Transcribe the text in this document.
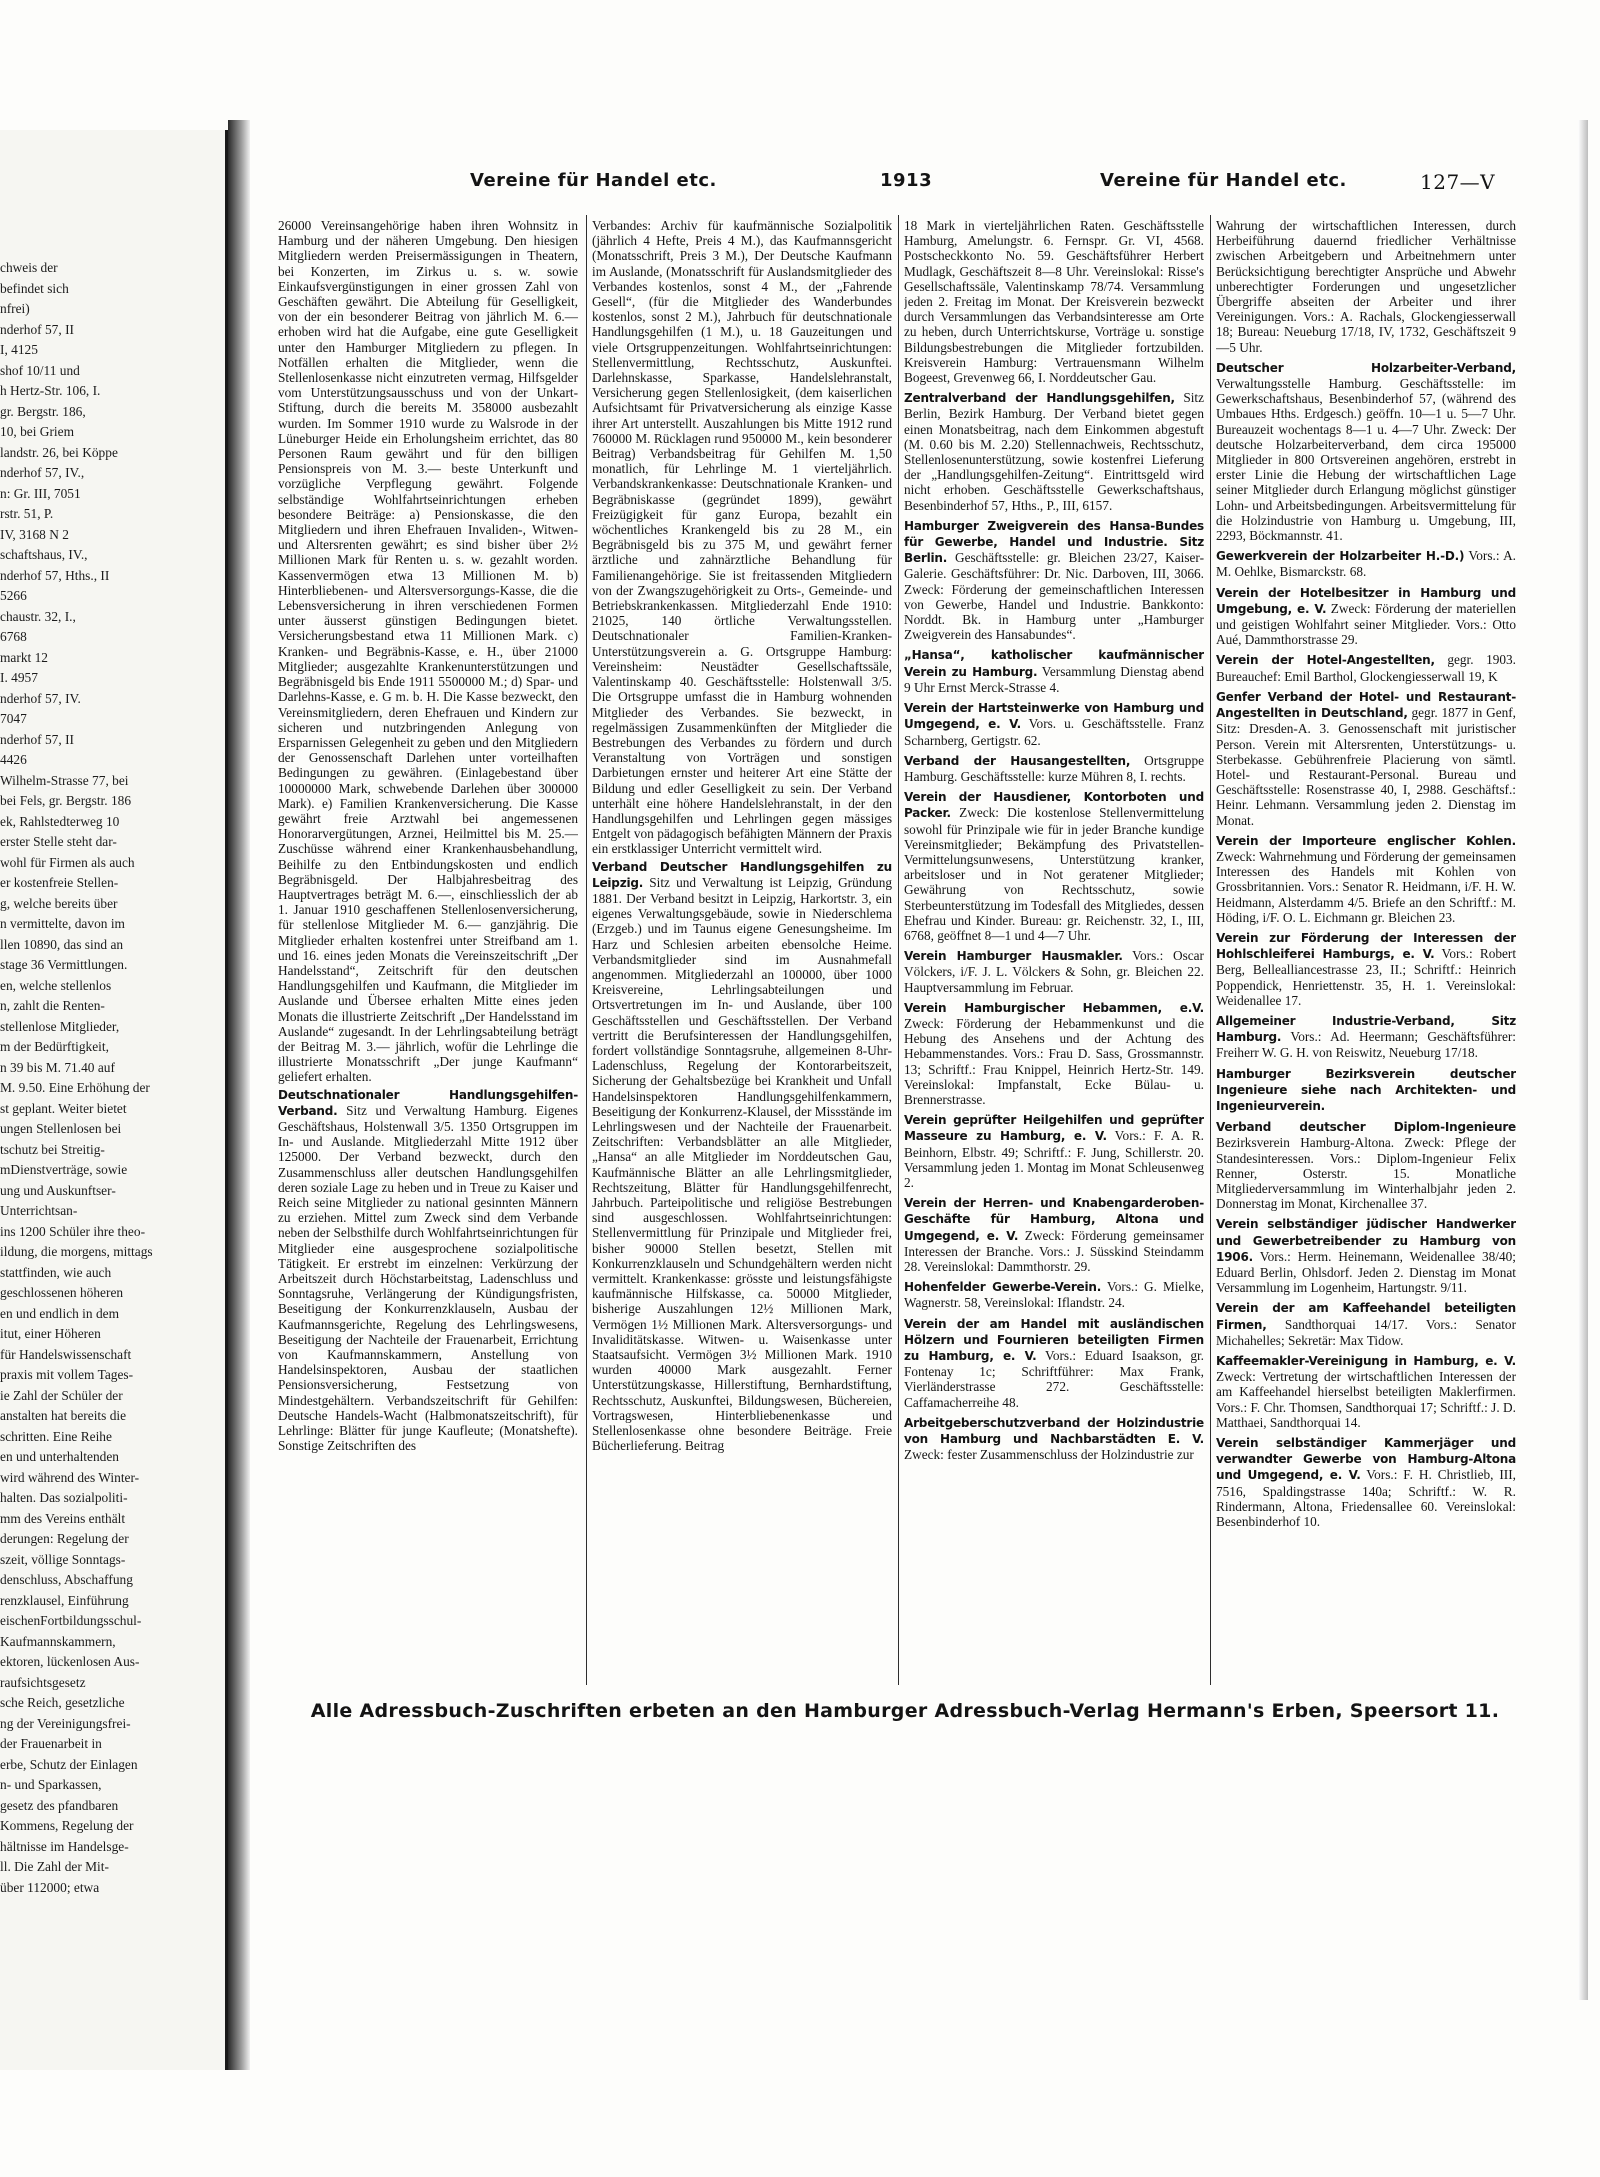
chweis der
befindet sich
nfrei)
nderhof 57, II
I, 4125
shof 10/11 und
h Hertz-Str. 106, I.
gr. Bergstr. 186,
10, bei Griem
landstr. 26, bei Köppe
nderhof 57, IV.,
n: Gr. III, 7051
rstr. 51, P.
IV, 3168 N 2
schaftshaus, IV.,
nderhof 57, Hths., II
5266
chaustr. 32, I.,
6768
markt 12
I. 4957
nderhof 57, IV.
7047
nderhof 57, II
4426
Wilhelm-Strasse 77, bei
bei Fels, gr. Bergstr. 186
ek, Rahlstedterweg 10
erster Stelle steht dar-
wohl für Firmen als auch
er kostenfreie Stellen-
g, welche bereits über
n vermittelte, davon im
llen 10890, das sind an
stage 36 Vermittlungen.
en, welche stellenlos
n, zahlt die Renten-
stellenlose Mitglieder,
m der Bedürftigkeit,
n 39 bis M. 71.40 auf
M. 9.50. Eine Erhöhung der
st geplant. Weiter bietet
ungen Stellenlosen bei
tschutz bei Streitig-
mDienstverträge, sowie
ung und Auskunftser-
Unterrichtsan-
ins 1200 Schüler ihre theo-
ildung, die morgens, mittags
stattfinden, wie auch
geschlossenen höheren
en und endlich in dem
itut, einer Höheren
für Handelswissenschaft
praxis mit vollem Tages-
ie Zahl der Schüler der
anstalten hat bereits die
schritten. Eine Reihe
en und unterhaltenden
wird während des Winter-
halten. Das sozialpoliti-
mm des Vereins enthält
derungen: Regelung der
szeit, völlige Sonntags-
denschluss, Abschaffung
renzklausel, Einführung
eischenFortbildungsschul-
Kaufmannskammern,
ektoren, lückenlosen Aus-
raufsichtsgesetz
sche Reich, gesetzliche
ng der Vereinigungsfrei-
der Frauenarbeit in
erbe, Schutz der Einlagen
n- und Sparkassen,
gesetz des pfandbaren
Kommens, Regelung der
hältnisse im Handelsge-
ll. Die Zahl der Mit-
über 112000; etwa
Vereine für Handel etc.	1913	Vereine für Handel etc.	127—V

26000 Vereinsangehörige haben ihren Wohnsitz in Hamburg und der näheren Umgebung. Den hiesigen Mitgliedern werden Preisermässigungen in Theatern, bei Konzerten, im Zirkus u. s. w. sowie Einkaufsvergünstigungen in einer grossen Zahl von Geschäften gewährt. Die Abteilung für Geselligkeit, von der ein besonderer Beitrag von jährlich M. 6.— erhoben wird hat die Aufgabe, eine gute Geselligkeit unter den Hamburger Mitgliedern zu pflegen. In Notfällen erhalten die Mitglieder, wenn die Stellenlosenkasse nicht einzutreten vermag, Hilfsgelder vom Unterstützungsausschuss und von der Unkart-Stiftung, durch die bereits M. 358000 ausbezahlt wurden. Im Sommer 1910 wurde zu Walsrode in der Lüneburger Heide ein Erholungsheim errichtet, das 80 Personen Raum gewährt und für den billigen Pensionspreis von M. 3.— beste Unterkunft und vorzügliche Verpflegung gewährt. Folgende selbständige Wohlfahrtseinrichtungen erheben besondere Beiträge: a) Pensionskasse, die den Mitgliedern und ihren Ehefrauen Invaliden-, Witwen- und Altersrenten gewährt; es sind bisher über 2½ Millionen Mark für Renten u. s. w. gezahlt worden. Kassenvermögen etwa 13 Millionen M. b) Hinterbliebenen- und Altersversorgungs-Kasse, die die Lebensversicherung in ihren verschiedenen Formen unter äusserst günstigen Bedingungen bietet. Versicherungsbestand etwa 11 Millionen Mark. c) Kranken- und Begräbnis-Kasse, e. H., über 21000 Mitglieder; ausgezahlte Krankenunterstützungen und Begräbnisgeld bis Ende 1911 5500000 M.; d) Spar- und Darlehns-Kasse, e. G m. b. H. Die Kasse bezweckt, den Vereinsmitgliedern, deren Ehefrauen und Kindern zur sicheren und nutzbringenden Anlegung von Ersparnissen Gelegenheit zu geben und den Mitgliedern der Genossenschaft Darlehen unter vorteilhaften Bedingungen zu gewähren. (Einlagebestand über 10000000 Mark, schwebende Darlehen über 300000 Mark). e) Familien Krankenversicherung. Die Kasse gewährt freie Arztwahl bei angemessenen Honorarvergütungen, Arznei, Heilmittel bis M. 25.— Zuschüsse während einer Krankenhausbehandlung, Beihilfe zu den Entbindungskosten und endlich Begräbnisgeld. Der Halbjahresbeitrag des Hauptvertrages beträgt M. 6.—, einschliesslich der ab 1. Januar 1910 geschaffenen Stellenlosenversicherung, für stellenlose Mitglieder M. 6.— ganzjährig. Die Mitglieder erhalten kostenfrei unter Streifband am 1. und 16. eines jeden Monats die Vereinszeitschrift „Der Handelsstand“, Zeitschrift für den deutschen Handlungsgehilfen und Kaufmann, die Mitglieder im Auslande und Übersee erhalten Mitte eines jeden Monats die illustrierte Zeitschrift „Der Handelsstand im Auslande“ zugesandt. In der Lehrlingsabteilung beträgt der Beitrag M. 3.— jährlich, wofür die Lehrlinge die illustrierte Monatsschrift „Der junge Kaufmann“ geliefert erhalten.

Deutschnationaler Handlungsgehilfen-Verband. Sitz und Verwaltung Hamburg. Eigenes Geschäftshaus, Holstenwall 3/5. 1350 Ortsgruppen im In- und Auslande. Mitgliederzahl Mitte 1912 über 125000. Der Verband bezweckt, durch den Zusammenschluss aller deutschen Handlungsgehilfen deren soziale Lage zu heben und in Treue zu Kaiser und Reich seine Mitglieder zu national gesinnten Männern zu erziehen. Mittel zum Zweck sind dem Verbande neben der Selbsthilfe durch Wohlfahrtseinrichtungen für Mitglieder eine ausgesprochene sozialpolitische Tätigkeit. Er erstrebt im einzelnen: Verkürzung der Arbeitszeit durch Höchstarbeitstag, Ladenschluss und Sonntagsruhe, Verlängerung der Kündigungsfristen, Beseitigung der Konkurrenzklauseln, Ausbau der Kaufmannsgerichte, Regelung des Lehrlingswesens, Beseitigung der Nachteile der Frauenarbeit, Errichtung von Kaufmannskammern, Anstellung von Handelsinspektoren, Ausbau der staatlichen Pensionsversicherung, Festsetzung von Mindestgehältern. Verbandszeitschrift für Gehilfen: Deutsche Handels-Wacht (Halbmonatszeitschrift), für Lehrlinge: Blätter für junge Kaufleute; (Monatshefte). Sonstige Zeitschriften des

Verbandes: Archiv für kaufmännische Sozialpolitik (jährlich 4 Hefte, Preis 4 M.), das Kaufmannsgericht (Monatsschrift, Preis 3 M.), Der Deutsche Kaufmann im Auslande, (Monatsschrift für Auslandsmitglieder des Verbandes kostenlos, sonst 4 M., der „Fahrende Gesell“, (für die Mitglieder des Wanderbundes kostenlos, sonst 2 M.), Jahrbuch für deutschnationale Handlungsgehilfen (1 M.), u. 18 Gauzeitungen und viele Ortsgruppenzeitungen. Wohlfahrtseinrichtungen: Stellenvermittlung, Rechtsschutz, Auskunftei. Darlehnskasse, Sparkasse, Handelslehranstalt, Versicherung gegen Stellenlosigkeit, (dem kaiserlichen Aufsichtsamt für Privatversicherung als einzige Kasse ihrer Art unterstellt. Auszahlungen bis Mitte 1912 rund 760000 M. Rücklagen rund 950000 M., kein besonderer Beitrag) Verbandsbeitrag für Gehilfen M. 1,50 monatlich, für Lehrlinge M. 1 vierteljährlich. Verbandskrankenkasse: Deutschnationale Kranken- und Begräbniskasse (gegründet 1899), gewährt Freizügigkeit für ganz Europa, bezahlt ein wöchentliches Krankengeld bis zu 28 M., ein Begräbnisgeld bis zu 375 M, und gewährt ferner ärztliche und zahnärztliche Behandlung für Familienangehörige. Sie ist freitassenden Mitgliedern von der Zwangszugehörigkeit zu Orts-, Gemeinde- und Betriebskrankenkassen. Mitgliederzahl Ende 1910: 21025, 140 örtliche Verwaltungsstellen. Deutschnationaler Familien-Kranken-Unterstützungsverein a. G. Ortsgruppe Hamburg: Vereinsheim: Neustädter Gesellschaftssäle, Valentinskamp 40. Geschäftsstelle: Holstenwall 3/5. Die Ortsgruppe umfasst die in Hamburg wohnenden Mitglieder des Verbandes. Sie bezweckt, in regelmässigen Zusammenkünften der Mitglieder die Bestrebungen des Verbandes zu fördern und durch Veranstaltung von Vorträgen und sonstigen Darbietungen ernster und heiterer Art eine Stätte der Bildung und edler Geselligkeit zu sein. Der Verband unterhält eine höhere Handelslehranstalt, in der den Handlungsgehilfen und Lehrlingen gegen mässiges Entgelt von pädagogisch befähigten Männern der Praxis ein erstklassiger Unterricht vermittelt wird.

Verband Deutscher Handlungsgehilfen zu Leipzig. Sitz und Verwaltung ist Leipzig, Gründung 1881. Der Verband besitzt in Leipzig, Harkortstr. 3, ein eigenes Verwaltungsgebäude, sowie in Niederschlema (Erzgeb.) und im Taunus eigene Genesungsheime. Im Harz und Schlesien arbeiten ebensolche Heime. Verbandsmitglieder sind im Ausnahmefall angenommen. Mitgliederzahl an 100000, über 1000 Kreisvereine, Lehrlingsabteilungen und Ortsvertretungen im In- und Auslande, über 100 Geschäftsstellen und Geschäftsstellen. Der Verband vertritt die Berufsinteressen der Handlungsgehilfen, fordert vollständige Sonntagsruhe, allgemeinen 8-Uhr-Ladenschluss, Regelung der Kontorarbeitszeit, Sicherung der Gehaltsbezüge bei Krankheit und Unfall Handelsinspektoren Handlungsgehilfenkammern, Beseitigung der Konkurrenz-Klausel, der Missstände im Lehrlingswesen und der Nachteile der Frauenarbeit. Zeitschriften: Verbandsblätter an alle Mitglieder, „Hansa“ an alle Mitglieder im Norddeutschen Gau, Kaufmännische Blätter an alle Lehrlingsmitglieder, Rechtszeitung, Blätter für Handlungsgehilfenrecht, Jahrbuch. Parteipolitische und religiöse Bestrebungen sind ausgeschlossen. Wohlfahrtseinrichtungen: Stellenvermittlung für Prinzipale und Mitglieder frei, bisher 90000 Stellen besetzt, Stellen mit Konkurrenzklauseln und Schundgehältern werden nicht vermittelt. Krankenkasse: grösste und leistungsfähigste kaufmännische Hilfskasse, ca. 50000 Mitglieder, bisherige Auszahlungen 12½ Millionen Mark, Vermögen 1½ Millionen Mark. Altersversorgungs- und Invaliditätskasse. Witwen- u. Waisenkasse unter Staatsaufsicht. Vermögen 3½ Millionen Mark. 1910 wurden 40000 Mark ausgezahlt. Ferner Unterstützungskasse, Hillerstiftung, Bernhardstiftung, Rechtsschutz, Auskunftei, Bildungswesen, Büchereien, Vortragswesen, Hinterbliebenenkasse und Stellenlosenkasse ohne besondere Beiträge. Freie Bücherlieferung. Beitrag

18 Mark in vierteljährlichen Raten. Geschäftsstelle Hamburg, Amelungstr. 6. Fernspr. Gr. VI, 4568. Postscheckkonto No. 59. Geschäftsführer Herbert Mudlagk, Geschäftszeit 8—8 Uhr. Vereinslokal: Risse's Gesellschaftssäle, Valentinskamp 78/74. Versammlung jeden 2. Freitag im Monat. Der Kreisverein bezweckt durch Versammlungen das Verbandsinteresse am Orte zu heben, durch Unterrichtskurse, Vorträge u. sonstige Bildungsbestrebungen die Mitglieder fortzubilden. Kreisverein Hamburg: Vertrauensmann Wilhelm Bogeest, Grevenweg 66, I. Norddeutscher Gau.

Zentralverband der Handlungsgehilfen, Sitz Berlin, Bezirk Hamburg. Der Verband bietet gegen einen Monatsbeitrag, nach dem Einkommen abgestuft (M. 0.60 bis M. 2.20) Stellennachweis, Rechtsschutz, Stellenlosenunterstützung, sowie kostenfrei Lieferung der „Handlungsgehilfen-Zeitung“. Eintrittsgeld wird nicht erhoben. Geschäftsstelle Gewerkschaftshaus, Besenbinderhof 57, Hths., P., III, 6157.

Hamburger Zweigverein des Hansa-Bundes für Gewerbe, Handel und Industrie. Sitz Berlin. Geschäftsstelle: gr. Bleichen 23/27, Kaiser-Galerie. Geschäftsführer: Dr. Nic. Darboven, III, 3066. Zweck: Förderung der gemeinschaftlichen Interessen von Gewerbe, Handel und Industrie. Bankkonto: Norddt. Bk. in Hamburg unter „Hamburger Zweigverein des Hansabundes“.

„Hansa“, katholischer kaufmännischer Verein zu Hamburg. Versammlung Dienstag abend 9 Uhr Ernst Merck-Strasse 4.

Verein der Hartsteinwerke von Hamburg und Umgegend, e. V. Vors. u. Geschäftsstelle. Franz Scharnberg, Gertigstr. 62.

Verband der Hausangestellten, Ortsgruppe Hamburg. Geschäftsstelle: kurze Mühren 8, I. rechts.

Verein der Hausdiener, Kontorboten und Packer. Zweck: Die kostenlose Stellenvermittelung sowohl für Prinzipale wie für in jeder Branche kundige Vereinsmitglieder; Bekämpfung des Privatstellen-Vermittelungsunwesens, Unterstützung kranker, arbeitsloser und in Not geratener Mitglieder; Gewährung von Rechtsschutz, sowie Sterbeunterstützung im Todesfall des Mitgliedes, dessen Ehefrau und Kinder. Bureau: gr. Reichenstr. 32, I., III, 6768, geöffnet 8—1 und 4—7 Uhr.

Verein Hamburger Hausmakler. Vors.: Oscar Völckers, i/F. J. L. Völckers & Sohn, gr. Bleichen 22. Hauptversammlung im Februar.

Verein Hamburgischer Hebammen, e.V. Zweck: Förderung der Hebammenkunst und die Hebung des Ansehens und der Achtung des Hebammenstandes. Vors.: Frau D. Sass, Grossmannstr. 13; Schriftf.: Frau Knippel, Heinrich Hertz-Str. 149. Vereinslokal: Impfanstalt, Ecke Bülau- u. Brennerstrasse.

Verein geprüfter Heilgehilfen und geprüfter Masseure zu Hamburg, e. V. Vors.: F. A. R. Beinhorn, Elbstr. 49; Schriftf.: F. Jung, Schillerstr. 20. Versammlung jeden 1. Montag im Monat Schleusenweg 2.

Verein der Herren- und Knabengarderoben-Geschäfte für Hamburg, Altona und Umgegend, e. V. Zweck: Förderung gemeinsamer Interessen der Branche. Vors.: J. Süsskind Steindamm 28. Vereinslokal: Dammthorstr. 29.

Hohenfelder Gewerbe-Verein. Vors.: G. Mielke, Wagnerstr. 58, Vereinslokal: Iflandstr. 24.

Verein der am Handel mit ausländischen Hölzern und Fournieren beteiligten Firmen zu Hamburg, e. V. Vors.: Eduard Isaakson, gr. Fontenay 1c; Schriftführer: Max Frank, Vierländerstrasse 272. Geschäftsstelle: Caffamacherreihe 48.

Arbeitgeberschutzverband der Holzindustrie von Hamburg und Nachbarstädten E. V. Zweck: fester Zusammenschluss der Holzindustrie zur

Wahrung der wirtschaftlichen Interessen, durch Herbeiführung dauernd friedlicher Verhältnisse zwischen Arbeitgebern und Arbeitnehmern unter Berücksichtigung berechtigter Ansprüche und Abwehr unberechtigter Forderungen und ungesetzlicher Übergriffe abseiten der Arbeiter und ihrer Vereinigungen. Vors.: A. Rachals, Glockengiesserwall 18; Bureau: Neueburg 17/18, IV, 1732, Geschäftszeit 9—5 Uhr.

Deutscher Holzarbeiter-Verband, Verwaltungsstelle Hamburg. Geschäftsstelle: im Gewerkschaftshaus, Besenbinderhof 57, (während des Umbaues Hths. Erdgesch.) geöffn. 10—1 u. 5—7 Uhr. Bureauzeit wochentags 8—1 u. 4—7 Uhr. Zweck: Der deutsche Holzarbeiterverband, dem circa 195000 Mitglieder in 800 Ortsvereinen angehören, erstrebt in erster Linie die Hebung der wirtschaftlichen Lage seiner Mitglieder durch Erlangung möglichst günstiger Lohn- und Arbeitsbedingungen. Arbeitsvermittelung für die Holzindustrie von Hamburg u. Umgebung, III, 2293, Böckmannstr. 41.

Gewerkverein der Holzarbeiter H.-D.) Vors.: A. M. Oehlke, Bismarckstr. 68.

Verein der Hotelbesitzer in Hamburg und Umgebung, e. V. Zweck: Förderung der materiellen und geistigen Wohlfahrt seiner Mitglieder. Vors.: Otto Aué, Dammthorstrasse 29.

Verein der Hotel-Angestellten, gegr. 1903. Bureauchef: Emil Barthol, Glockengiesserwall 19, K

Genfer Verband der Hotel- und Restaurant-Angestellten in Deutschland, gegr. 1877 in Genf, Sitz: Dresden-A. 3. Genossenschaft mit juristischer Person. Verein mit Altersrenten, Unterstützungs- u. Sterbekasse. Gebührenfreie Placierung von sämtl. Hotel- und Restaurant-Personal. Bureau und Geschäftsstelle: Rosenstrasse 40, I, 2988. Geschäftsf.: Heinr. Lehmann. Versammlung jeden 2. Dienstag im Monat.

Verein der Importeure englischer Kohlen. Zweck: Wahrnehmung und Förderung der gemeinsamen Interessen des Handels mit Kohlen von Grossbritannien. Vors.: Senator R. Heidmann, i/F. H. W. Heidmann, Alsterdamm 4/5. Briefe an den Schriftf.: M. Höding, i/F. O. L. Eichmann gr. Bleichen 23.

Verein zur Förderung der Interessen der Hohlschleiferei Hamburgs, e. V. Vors.: Robert Berg, Bellealliancestrasse 23, II.; Schriftf.: Heinrich Poppendick, Henriettenstr. 35, H. 1. Vereinslokal: Weidenallee 17.

Allgemeiner Industrie-Verband, Sitz Hamburg. Vors.: Ad. Heermann; Geschäftsführer: Freiherr W. G. H. von Reiswitz, Neueburg 17/18.

Hamburger Bezirksverein deutscher Ingenieure siehe nach Architekten- und Ingenieurverein.

Verband deutscher Diplom-Ingenieure Bezirksverein Hamburg-Altona. Zweck: Pflege der Standesinteressen. Vors.: Diplom-Ingenieur Felix Renner, Osterstr. 15. Monatliche Mitgliederversammlung im Winterhalbjahr jeden 2. Donnerstag im Monat, Kirchenallee 37.

Verein selbständiger jüdischer Handwerker und Gewerbetreibender zu Hamburg von 1906. Vors.: Herm. Heinemann, Weidenallee 38/40; Eduard Berlin, Ohlsdorf. Jeden 2. Dienstag im Monat Versammlung im Logenheim, Hartungstr. 9/11.

Verein der am Kaffeehandel beteiligten Firmen, Sandthorquai 14/17. Vors.: Senator Michahelles; Sekretär: Max Tidow.

Kaffeemakler-Vereinigung in Hamburg, e. V. Zweck: Vertretung der wirtschaftlichen Interessen der am Kaffeehandel hierselbst beteiligten Maklerfirmen. Vors.: F. Chr. Thomsen, Sandthorquai 17; Schriftf.: J. D. Matthaei, Sandthorquai 14.

Verein selbständiger Kammerjäger und verwandter Gewerbe von Hamburg-Altona und Umgegend, e. V. Vors.: F. H. Christlieb, III, 7516, Spaldingstrasse 140a; Schriftf.: W. R. Rindermann, Altona, Friedensallee 60. Vereinslokal: Besenbinderhof 10.

Alle Adressbuch-Zuschriften erbeten an den Hamburger Adressbuch-Verlag Hermann's Erben, Speersort 11.
